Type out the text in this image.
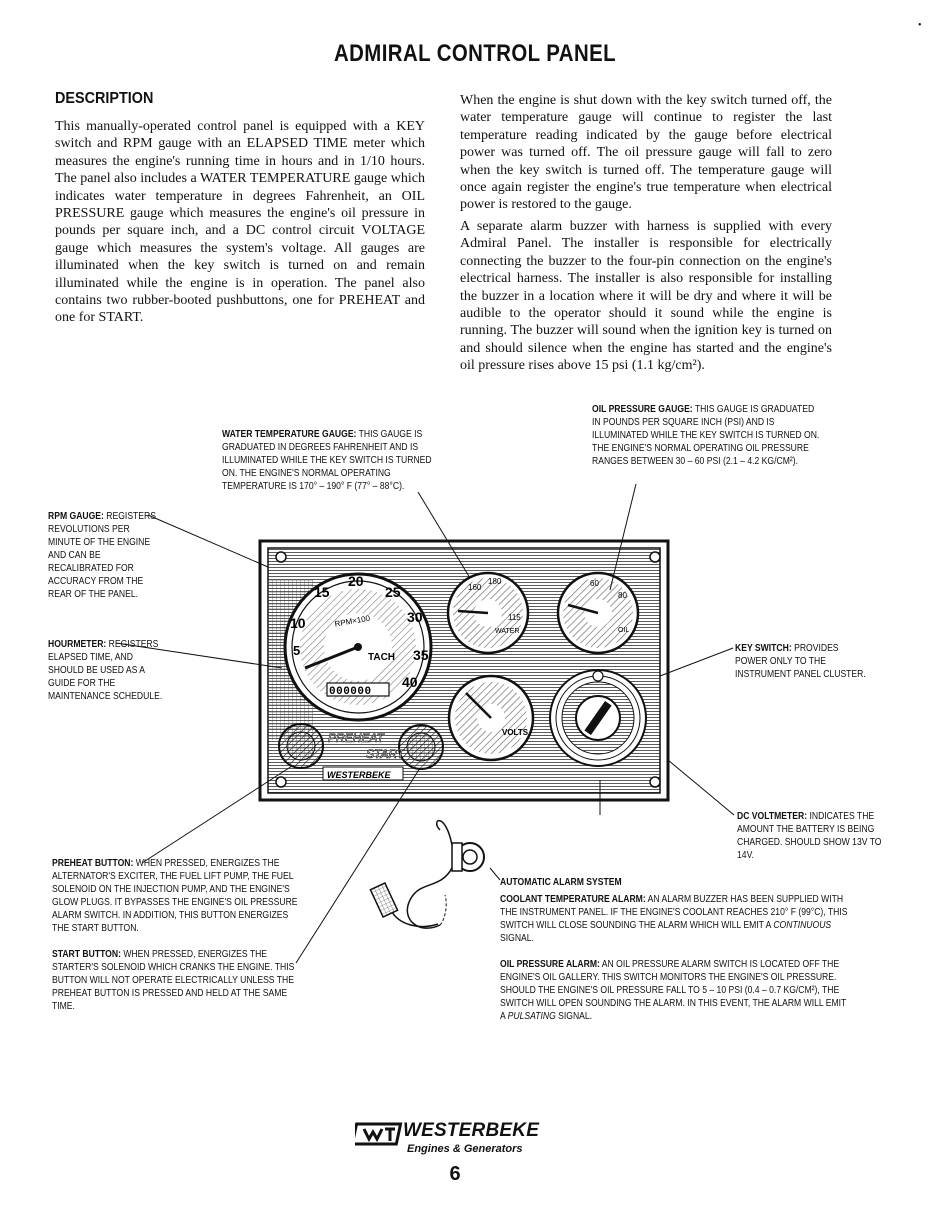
•
ADMIRAL CONTROL PANEL
DESCRIPTION

This manually-operated control panel is equipped with a KEY switch and RPM gauge with an ELAPSED TIME meter which measures the engine's running time in hours and in 1/10 hours. The panel also includes a WATER TEMPERATURE gauge which indicates water temperature in degrees Fahrenheit, an OIL PRESSURE gauge which measures the engine's oil pressure in pounds per square inch, and a DC control circuit VOLTAGE gauge which measures the system's voltage. All gauges are illuminated when the key switch is turned on and remain illuminated while the engine is in operation. The panel also contains two rubber-booted pushbuttons, one for PREHEAT and one for START.

When the engine is shut down with the key switch turned off, the water temperature gauge will continue to register the last temperature reading indicated by the gauge before electrical power was turned off. The oil pressure gauge will fall to zero when the key switch is turned off. The temperature gauge will once again register the engine's true temperature when electrical power is restored to the gauge.

A separate alarm buzzer with harness is supplied with every Admiral Panel. The installer is responsible for electrically connecting the buzzer to the four-pin connection on the engine's electrical harness. The installer is also responsible for installing the buzzer in a location where it will be dry and where it will be audible to the operator should it sound while the engine is running. The buzzer will sound when the ignition key is turned on and should silence when the engine has started and the engine's oil pressure rises above 15 psi (1.1 kg/cm²).

5
10
15
20
25
30
35
40
RPM×100
TACH
000000
160
180
115
WATER
60
80
OIL
VOLTS
PREHEAT
START
WESTERBEKE

WATER TEMPERATURE GAUGE: THIS GAUGE IS GRADUATED IN DEGREES FAHRENHEIT AND IS ILLUMINATED WHILE THE KEY SWITCH IS TURNED ON. THE ENGINE'S NORMAL OPERATING TEMPERATURE IS 170° – 190° F (77° – 88°C).

OIL PRESSURE GAUGE: THIS GAUGE IS GRADUATED IN POUNDS PER SQUARE INCH (PSI) AND IS ILLUMINATED WHILE THE KEY SWITCH IS TURNED ON. THE ENGINE'S NORMAL OPERATING OIL PRESSURE RANGES BETWEEN 30 – 60 PSI (2.1 – 4.2 KG/CM²).

RPM GAUGE: REGISTERS REVOLUTIONS PER MINUTE OF THE ENGINE AND CAN BE RECALIBRATED FOR ACCURACY FROM THE REAR OF THE PANEL.

HOURMETER: REGISTERS ELAPSED TIME, AND SHOULD BE USED AS A GUIDE FOR THE MAINTENANCE SCHEDULE.

KEY SWITCH: PROVIDES POWER ONLY TO THE INSTRUMENT PANEL CLUSTER.

DC VOLTMETER: INDICATES THE AMOUNT THE BATTERY IS BEING CHARGED. SHOULD SHOW 13V TO 14V.

PREHEAT BUTTON: WHEN PRESSED, ENERGIZES THE ALTERNATOR'S EXCITER, THE FUEL LIFT PUMP, THE FUEL SOLENOID ON THE INJECTION PUMP, AND THE ENGINE'S GLOW PLUGS. IT BYPASSES THE ENGINE'S OIL PRESSURE ALARM SWITCH. IN ADDITION, THIS BUTTON ENERGIZES THE START BUTTON.

START BUTTON: WHEN PRESSED, ENERGIZES THE STARTER'S SOLENOID WHICH CRANKS THE ENGINE. THIS BUTTON WILL NOT OPERATE ELECTRICALLY UNLESS THE PREHEAT BUTTON IS PRESSED AND HELD AT THE SAME TIME.

AUTOMATIC ALARM SYSTEM

COOLANT TEMPERATURE ALARM: AN ALARM BUZZER HAS BEEN SUPPLIED WITH THE INSTRUMENT PANEL. IF THE ENGINE'S COOLANT REACHES 210° F (99°C), THIS SWITCH WILL CLOSE SOUNDING THE ALARM WHICH WILL EMIT A CONTINUOUS SIGNAL.

OIL PRESSURE ALARM: AN OIL PRESSURE ALARM SWITCH IS LOCATED OFF THE ENGINE'S OIL GALLERY. THIS SWITCH MONITORS THE ENGINE'S OIL PRESSURE. SHOULD THE ENGINE'S OIL PRESSURE FALL TO 5 – 10 PSI (0.4 – 0.7 KG/CM²), THE SWITCH WILL OPEN SOUNDING THE ALARM. IN THIS EVENT, THE ALARM WILL EMIT A PULSATING SIGNAL.

WESTERBEKE
Engines & Generators
6
